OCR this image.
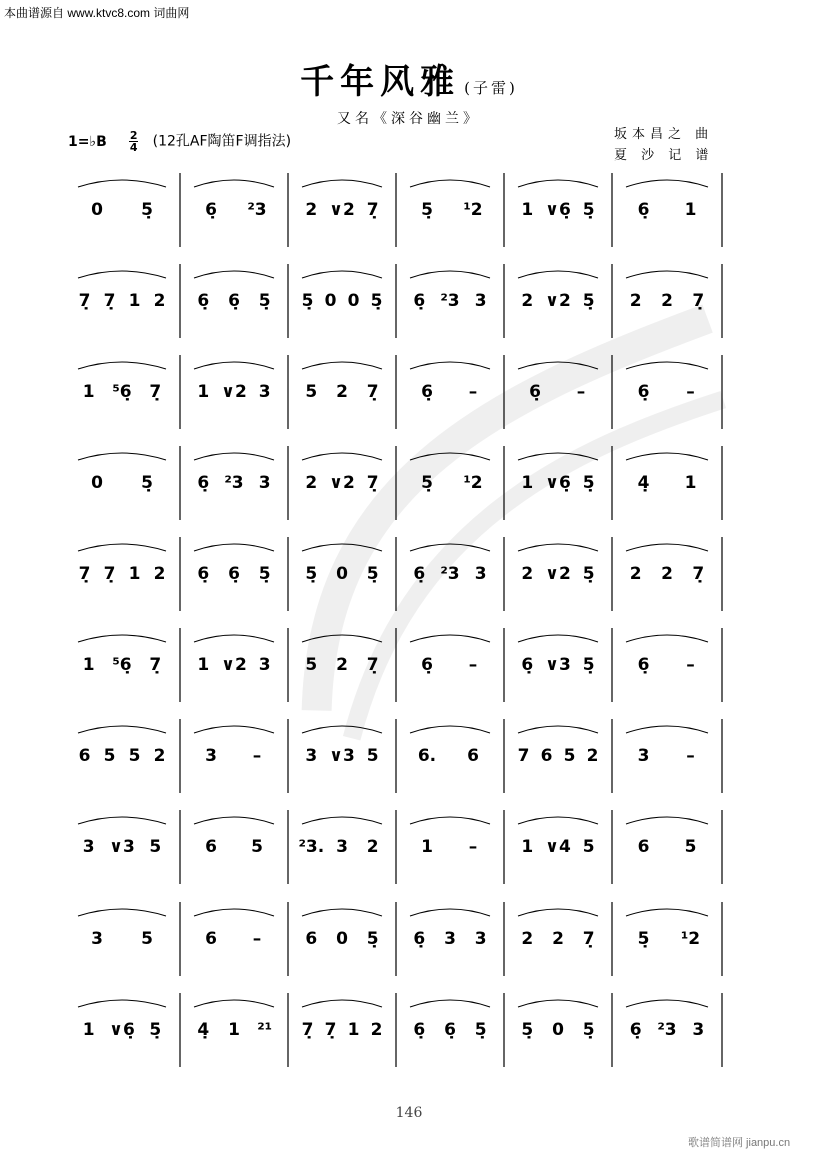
本曲谱源自 www.ktvc8.com 词曲网
千年风雅 (子雷)
又名《深谷幽兰》
1=♭B $\frac{2}{4} (12$孔AF陶笛F调指法)	坂本昌之 曲
夏 沙 记 谱
0 5̣	6̣ ²3 2 ∨2 7̣ 5̣ ¹2 1 ∨6̣ 5̣	6̣ 1
7̣ 7̣ 1 2 6̣ 6̣ 5̣ 5̣ 0 0 5̣ 6̣ ²3 3 2 ∨2 5̣ 2 2 7̣
1 ⁵6̣ 7̣ 1 ∨2 3 5 2 7̣ 6̣ –	6̣ –	6̣ –
0 5̣	6̣ ²3 3 2 ∨2 7̣ 5̣ ¹2 1 ∨6̣ 5̣	4̣ 1
7̣ 7̣ 1 2 6̣ 6̣ 5̣ 5̣ 0 5̣ 6̣ ²3 3 2 ∨2 5̣ 2 2 7̣
1 ⁵6̣ 7̣ 1 ∨2 3 5 2 7̣ 6̣ –	6̣ ∨3 5̣	6̣ –
6 5 5 2 3 –	3 ∨3 5 6. 6 7 6 5 2 3 –
3 ∨3 5	6 5 ²3. 3 2 1 –	1 ∨4 5	6 5
3 5	6 –	6 0 5̣ 6̣ 3 3 2 2 7̣	5̣ ¹2
1 ∨6̣ 5̣ 4̣ 1 ²¹ 7̣ 7̣ 1 2 6̣ 6̣ 5̣ 5̣ 0 5̣ 6̣ ²3 3
146
歌谱简谱网 jianpu.cn
